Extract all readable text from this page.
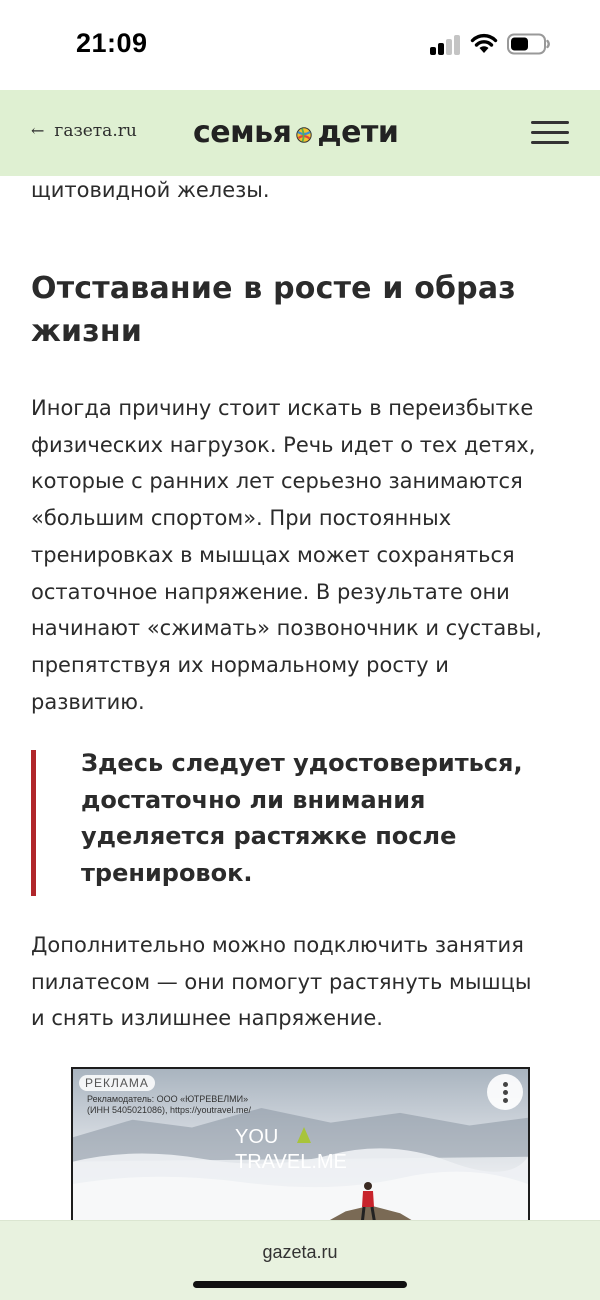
21:09
← газета.ru семья дети
щитовидной железы.
Отставание в росте и образ
жизни
Иногда причину стоит искать в переизбытке
физических нагрузок. Речь идет о тех детях,
которые с ранних лет серьезно занимаются
«большим спортом». При постоянных
тренировках в мышцах может сохраняться
остаточное напряжение. В результате они
начинают «сжимать» позвоночник и суставы,
препятствуя их нормальному росту и
развитию.
Здесь следует удостовериться,
достаточно ли внимания
уделяется растяжке после
тренировок.
Дополнительно можно подключить занятия
пилатесом — они помогут растянуть мышцы
и снять излишнее напряжение.
РЕКЛАМА
Рекламодатель: ООО «ЮТРЕВЕЛМИ»
(ИНН 5405021086), https://youtravel.me/
YOU
TRAVEL.ME
gazeta.ru
